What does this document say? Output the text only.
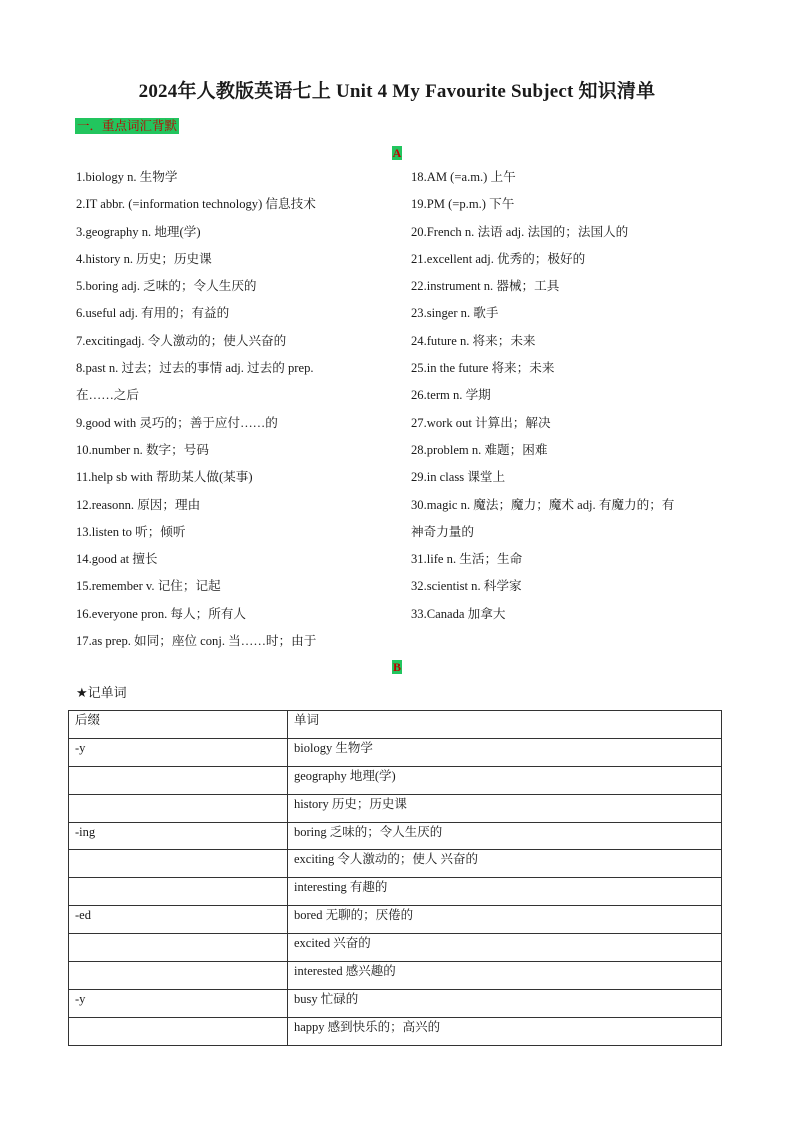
2024年人教版英语七上 Unit 4 My Favourite Subject 知识清单
一．重点词汇背默
A
1.biology n. 生物学
2.IT abbr. (=information technology) 信息技术
3.geography n. 地理(学)
4.history n. 历史；历史课
5.boring adj. 乏味的；令人生厌的
6.useful adj. 有用的；有益的
7.excitingadj. 令人激动的；使人兴奋的
8.past n. 过去；过去的事情 adj. 过去的 prep.
在……之后
9.good with 灵巧的；善于应付……的
10.number n. 数字；号码
11.help sb with 帮助某人做(某事)
12.reasonn. 原因；理由
13.listen to 听；倾听
14.good at 擅长
15.remember v. 记住；记起
16.everyone pron. 每人；所有人
17.as prep. 如同；座位 conj. 当……时；由于
18.AM (=a.m.) 上午
19.PM (=p.m.) 下午
20.French n. 法语 adj. 法国的；法国人的
21.excellent adj. 优秀的；极好的
22.instrument n. 器械；工具
23.singer n. 歌手
24.future n. 将来；未来
25.in the future 将来；未来
26.term n. 学期
27.work out 计算出；解决
28.problem n. 难题；困难
29.in class 课堂上
30.magic n. 魔法；魔力；魔术 adj. 有魔力的；有
神奇力量的
31.life n. 生活；生命
32.scientist n. 科学家
33.Canada 加拿大
B
★记单词
后缀	单词
-y	biology 生物学
	geography 地理(学)
	history 历史；历史课
-ing	boring 乏味的；令人生厌的
	exciting 令人激动的；使人 兴奋的
	interesting 有趣的
-ed	bored 无聊的；厌倦的
	excited 兴奋的
	interested 感兴趣的
-y	busy 忙碌的
	happy 感到快乐的；高兴的
